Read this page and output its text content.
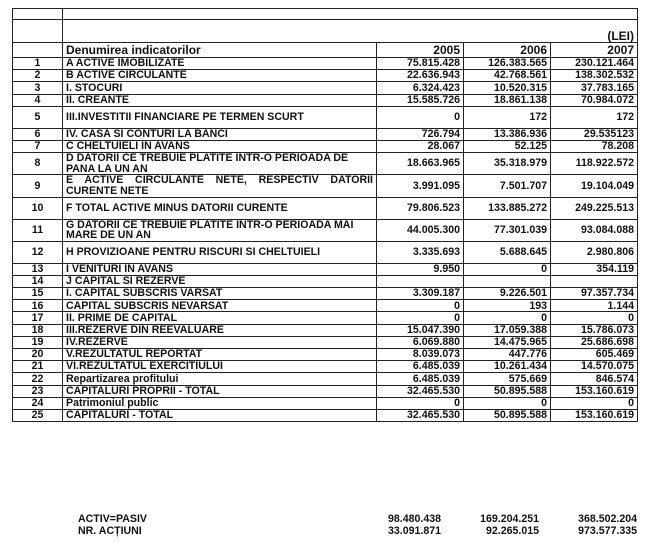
	(LEI)			
	Denumirea indicatorilor	2005	2006	2007
1	A ACTIVE IMOBILIZATE	75.815.428	126.383.565	230.121.464
2	B ACTIVE CIRCULANTE	22.636.943	42.768.561	138.302.532
3	I. STOCURI	6.324.423	10.520.315	37.783.165
4	II. CREANTE	15.585.726	18.861.138	70.984.072
5	III.INVESTITII FINANCIARE PE TERMEN SCURT	0	172	172
6	IV. CASA SI CONTURI LA BANCI	726.794	13.386.936	29.535123
7	C CHELTUIELI IN AVANS	28.067	52.125	78.208
8	D DATORII CE TREBUIE PLATITE INTR-O PERIOADA DE PANA LA UN AN	18.663.965	35.318.979	118.922.572
9	E ACTIVE CIRCULANTE NETE, RESPECTIV DATORII CURENTE NETE	3.991.095	7.501.707	19.104.049
10	F TOTAL ACTIVE MINUS DATORII CURENTE	79.806.523	133.885.272	249.225.513
11	G DATORII CE TREBUIE PLATITE INTR-O PERIOADA MAI MARE DE UN AN	44.005.300	77.301.039	93.084.088
12	H PROVIZIOANE PENTRU RISCURI SI CHELTUIELI	3.335.693	5.688.645	2.980.806
13	I VENITURI IN AVANS	9.950	0	354.119
14	J CAPITAL SI REZERVE			
15	I. CAPITAL SUBSCRIS VARSAT	3.309.187	9.226.501	97.357.734
16	CAPITAL SUBSCRIS NEVARSAT	0	193	1.144
17	II. PRIME DE CAPITAL	0	0	0
18	III.REZERVE DIN REEVALUARE	15.047.390	17.059.388	15.786.073
19	IV.REZERVE	6.069.880	14.475.965	25.686.698
20	V.REZULTATUL REPORTAT	8.039.073	447.776	605.469
21	VI.REZULTATUL EXERCITIULUI	6.485.039	10.261.434	14.570.075
22	Repartizarea profitului	6.485.039	575.669	846.574
23	CAPITALURI PROPRII - TOTAL	32.465.530	50.895.588	153.160.619
24	Patrimoniul public	0	0	0
25	CAPITALURI - TOTAL	32.465.530	50.895.588	153.160.619
ACTIV=PASIV	98.480.438	169.204.251	368.502.204
NR. ACȚIUNI	33.091.871	92.265.015	973.577.335
